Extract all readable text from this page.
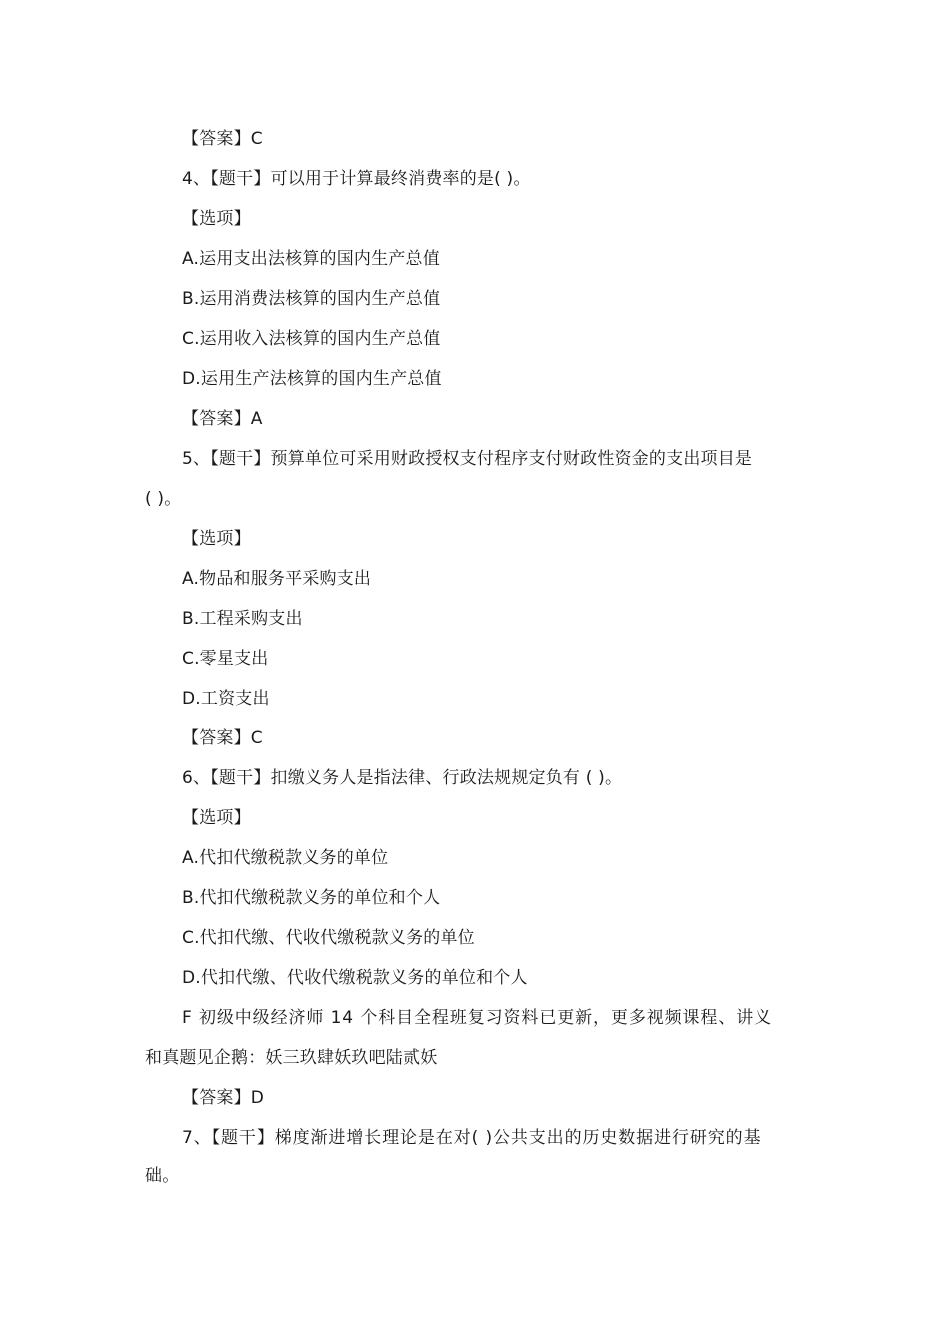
【答案】C
4、【题干】可以用于计算最终消费率的是( )。
【选项】
A.运用支出法核算的国内生产总值
B.运用消费法核算的国内生产总值
C.运用收入法核算的国内生产总值
D.运用生产法核算的国内生产总值
【答案】A
5、【题干】预算单位可采用财政授权支付程序支付财政性资金的支出项目是
( )。
【选项】
A.物品和服务平采购支出
B.工程采购支出
C.零星支出
D.工资支出
【答案】C
6、【题干】扣缴义务人是指法律、行政法规规定负有 ( )。
【选项】
A.代扣代缴税款义务的单位
B.代扣代缴税款义务的单位和个人
C.代扣代缴、代收代缴税款义务的单位
D.代扣代缴、代收代缴税款义务的单位和个人
F 初级中级经济师 14 个科目全程班复习资料已更新，更多视频课程、讲义
和真题见企鹅：妖三玖肆妖玖吧陆贰妖
【答案】D
7、【题干】梯度渐进增长理论是在对( )公共支出的历史数据进行研究的基
础。
